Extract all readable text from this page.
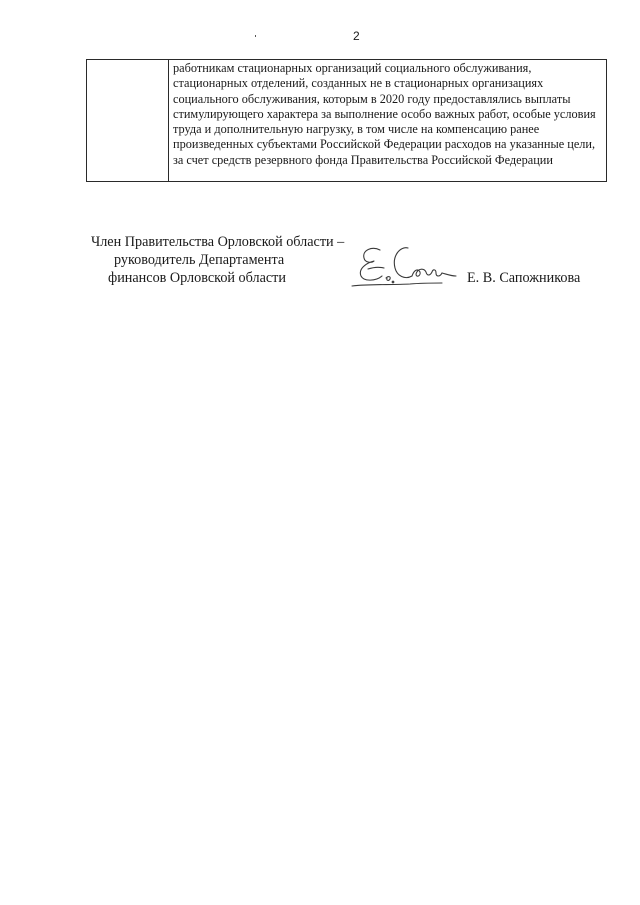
2
	работникам стационарных организаций социального обслуживания, стационарных отделений, созданных не в стационарных организациях социального обслуживания, которым в 2020 году предоставлялись выплаты стимулирующего характера за выполнение особо важных работ, особые условия труда и дополнительную нагрузку, в том числе на компенсацию ранее произведенных субъектами Российской Федерации расходов на указанные цели, за счет средств резервного фонда Правительства Российской Федерации
Член Правительства Орловской области –
руководитель Департамента
финансов Орловской области	Е. В. Сапожникова
